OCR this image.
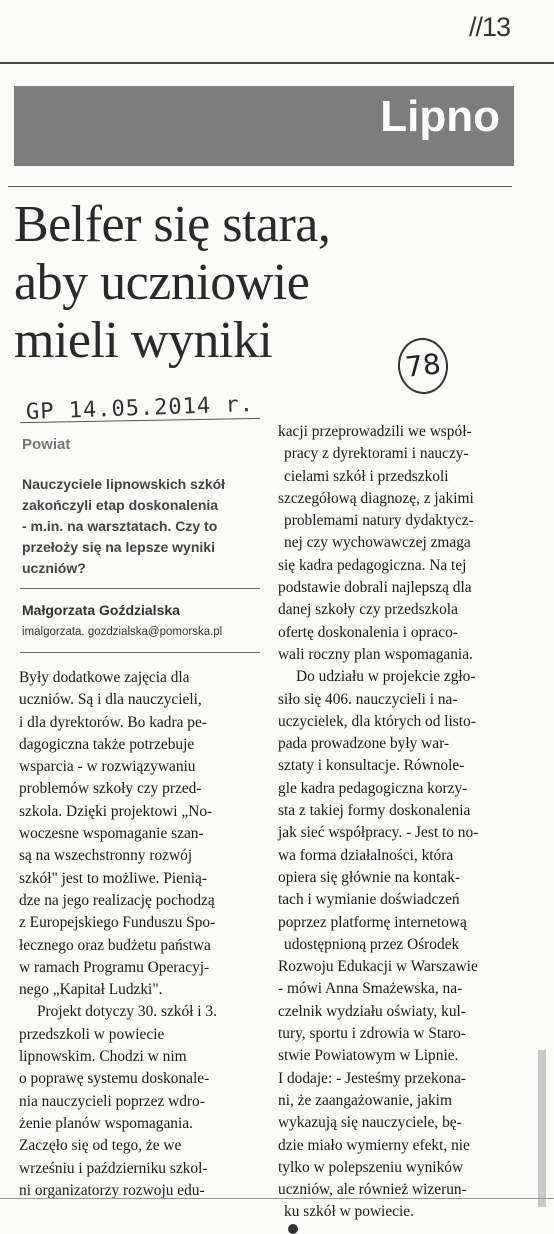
//13
Lipno
Belfer się stara,
aby uczniowie
mieli wyniki	78
GP 14.05.2014 r.
Powiat

Nauczyciele lipnowskich szkół
zakończyli etap doskonalenia
- m.in. na warsztatach. Czy to
przełoży się na lepsze wyniki
uczniów?

Małgorzata Goździalska
imalgorzata. gozdzialska@pomorska.pl
Były dodatkowe zajęcia dla
uczniów. Są i dla nauczycieli,
i dla dyrektorów. Bo kadra pe-
dagogiczna także potrzebuje
wsparcia - w rozwiązywaniu
problemów szkoły czy przed-
szkola. Dzięki projektowi „No-
woczesne wspomaganie szan-
są na wszechstronny rozwój
szkół" jest to możliwe. Pienią-
dze na jego realizację pochodzą
z Europejskiego Funduszu Spo-
łecznego oraz budżetu państwa
w ramach Programu Operacyj-
nego „Kapitał Ludzki".
Projekt dotyczy 30. szkół i 3.
przedszkoli w powiecie
lipnowskim. Chodzi w nim
o poprawę systemu doskonale-
nia nauczycieli poprzez wdro-
żenie planów wspomagania.
Zaczęło się od tego, że we
wrześniu i październiku szkol-
ni organizatorzy rozwoju edu-
kacji przeprowadzili we współ-
pracy z dyrektorami i nauczy-
cielami szkół i przedszkoli
szczegółową diagnozę, z jakimi
problemami natury dydaktycz-
nej czy wychowawczej zmaga
się kadra pedagogiczna. Na tej
podstawie dobrali najlepszą dla
danej szkoły czy przedszkola
ofertę doskonalenia i opraco-
wali roczny plan wspomagania.
Do udziału w projekcie zgło-
siło się 406. nauczycieli i na-
uczycielek, dla których od listo-
pada prowadzone były war-
sztaty i konsultacje. Równole-
gle kadra pedagogiczna korzy-
sta z takiej formy doskonalenia
jak sieć współpracy. - Jest to no-
wa forma działalności, która
opiera się głównie na kontak-
tach i wymianie doświadczeń
poprzez platformę internetową
udostępnioną przez Ośrodek
Rozwoju Edukacji w Warszawie
- mówi Anna Smażewska, na-
czelnik wydziału oświaty, kul-
tury, sportu i zdrowia w Staro-
stwie Powiatowym w Lipnie.
I dodaje: - Jesteśmy przekona-
ni, że zaangażowanie, jakim
wykazują się nauczyciele, bę-
dzie miało wymierny efekt, nie
tylko w polepszeniu wyników
uczniów, ale również wizerun-
ku szkół w powiecie.
